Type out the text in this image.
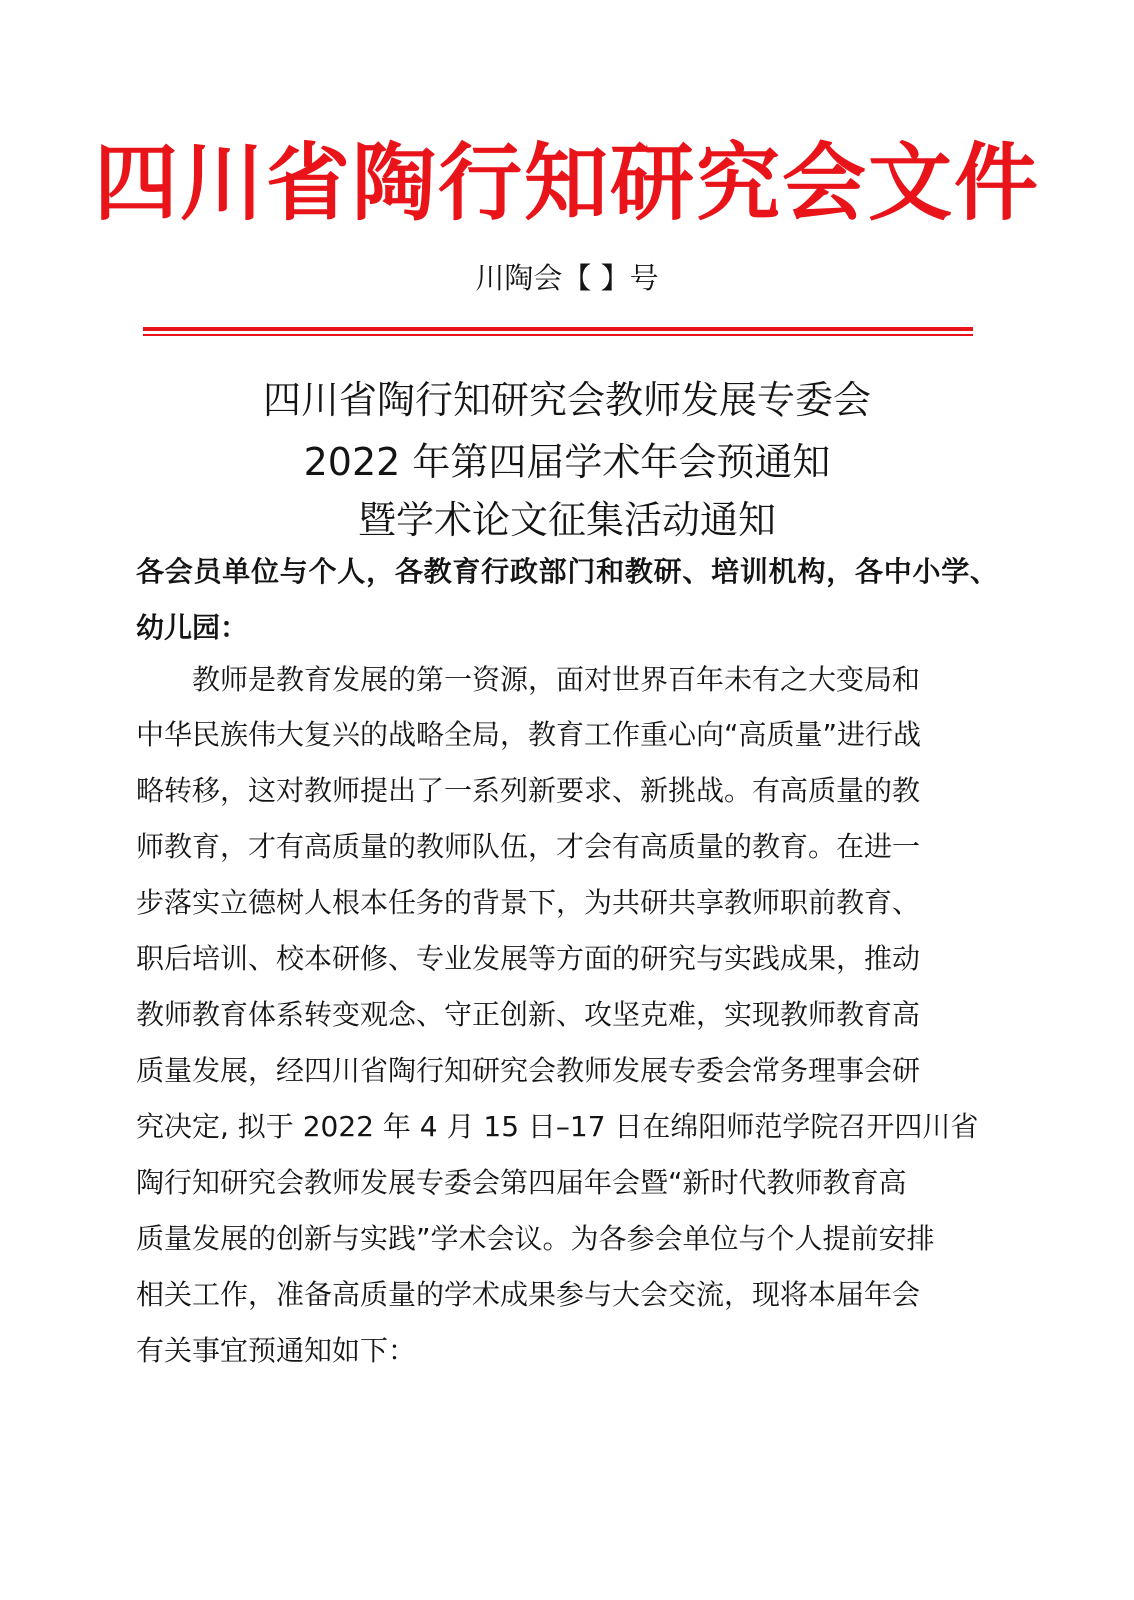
四川省陶行知研究会文件
川陶会【 】号
四川省陶行知研究会教师发展专委会
2022 年第四届学术年会预通知
暨学术论文征集活动通知

各会员单位与个人，各教育行政部门和教研、培训机构，各中小学、幼儿园：

　　教师是教育发展的第一资源，面对世界百年未有之大变局和

中华民族伟大复兴的战略全局，教育工作重心向“高质量”进行战

略转移，这对教师提出了一系列新要求、新挑战。有高质量的教

师教育，才有高质量的教师队伍，才会有高质量的教育。在进一

步落实立德树人根本任务的背景下，为共研共享教师职前教育、

职后培训、校本研修、专业发展等方面的研究与实践成果，推动

教师教育体系转变观念、守正创新、攻坚克难，实现教师教育高

质量发展，经四川省陶行知研究会教师发展专委会常务理事会研

究决定, 拟于 2022 年 4 月 15 日–17 日在绵阳师范学院召开四川省

陶行知研究会教师发展专委会第四届年会暨“新时代教师教育高

质量发展的创新与实践”学术会议。为各参会单位与个人提前安排

相关工作，准备高质量的学术成果参与大会交流，现将本届年会

有关事宜预通知如下：
